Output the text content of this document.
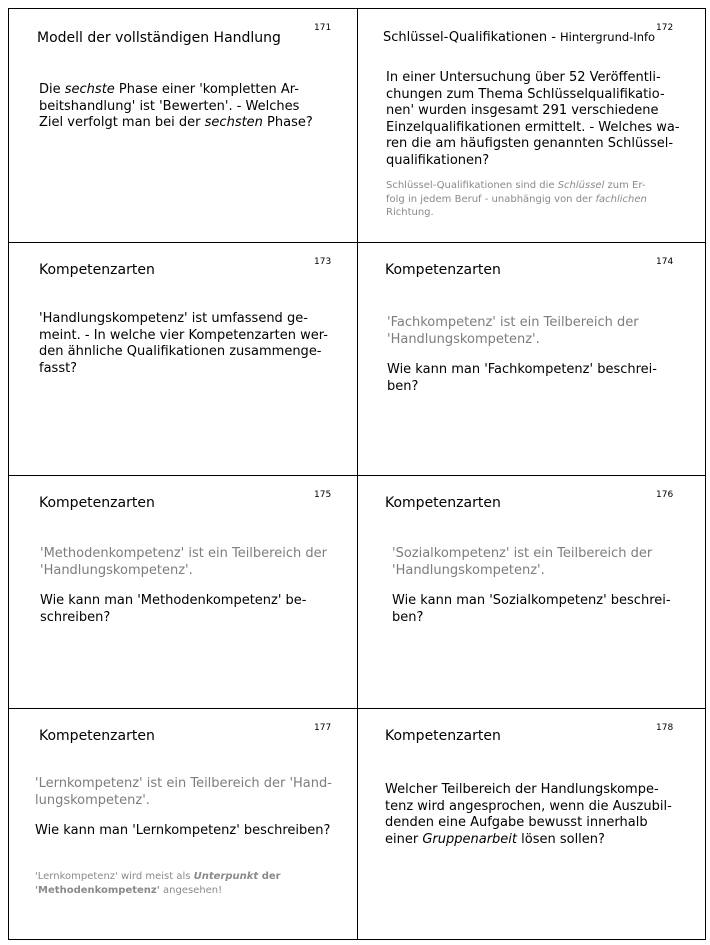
171
Modell der vollständigen Handlung

Die sechste Phase einer 'kompletten Ar-

beitshandlung' ist 'Bewerten'. - Welches

Ziel verfolgt man bei der sechsten Phase?

172
Schlüssel-Qualifikationen - Hintergrund-Info

In einer Untersuchung über 52 Veröffentli-

chungen zum Thema Schlüsselqualifikatio-

nen' wurden insgesamt 291 verschiedene

Einzelqualifikationen ermittelt. - Welches wa-

ren die am häufigsten genannten Schlüssel-

qualifikationen?

Schlüssel-Qualifikationen sind die Schlüssel zum Er-

folg in jedem Beruf - unabhängig von der fachlichen

Richtung.

173
Kompetenzarten

'Handlungskompetenz' ist umfassend ge-

meint. - In welche vier Kompetenzarten wer-

den ähnliche Qualifikationen zusammenge-

fasst?

174
Kompetenzarten

'Fachkompetenz' ist ein Teilbereich der

'Handlungskompetenz'.

Wie kann man 'Fachkompetenz' beschrei-

ben?

175
Kompetenzarten

'Methodenkompetenz' ist ein Teilbereich der

'Handlungskompetenz'.

Wie kann man 'Methodenkompetenz' be-

schreiben?

176
Kompetenzarten

'Sozialkompetenz' ist ein Teilbereich der

'Handlungskompetenz'.

Wie kann man 'Sozialkompetenz' beschrei-

ben?

177
Kompetenzarten

'Lernkompetenz' ist ein Teilbereich der 'Hand-

lungskompetenz'.

Wie kann man 'Lernkompetenz' beschreiben?

'Lernkompetenz' wird meist als Unterpunkt der

'Methodenkompetenz' angesehen!

178
Kompetenzarten

Welcher Teilbereich der Handlungskompe-

tenz wird angesprochen, wenn die Auszubil-

denden eine Aufgabe bewusst innerhalb

einer Gruppenarbeit lösen sollen?
